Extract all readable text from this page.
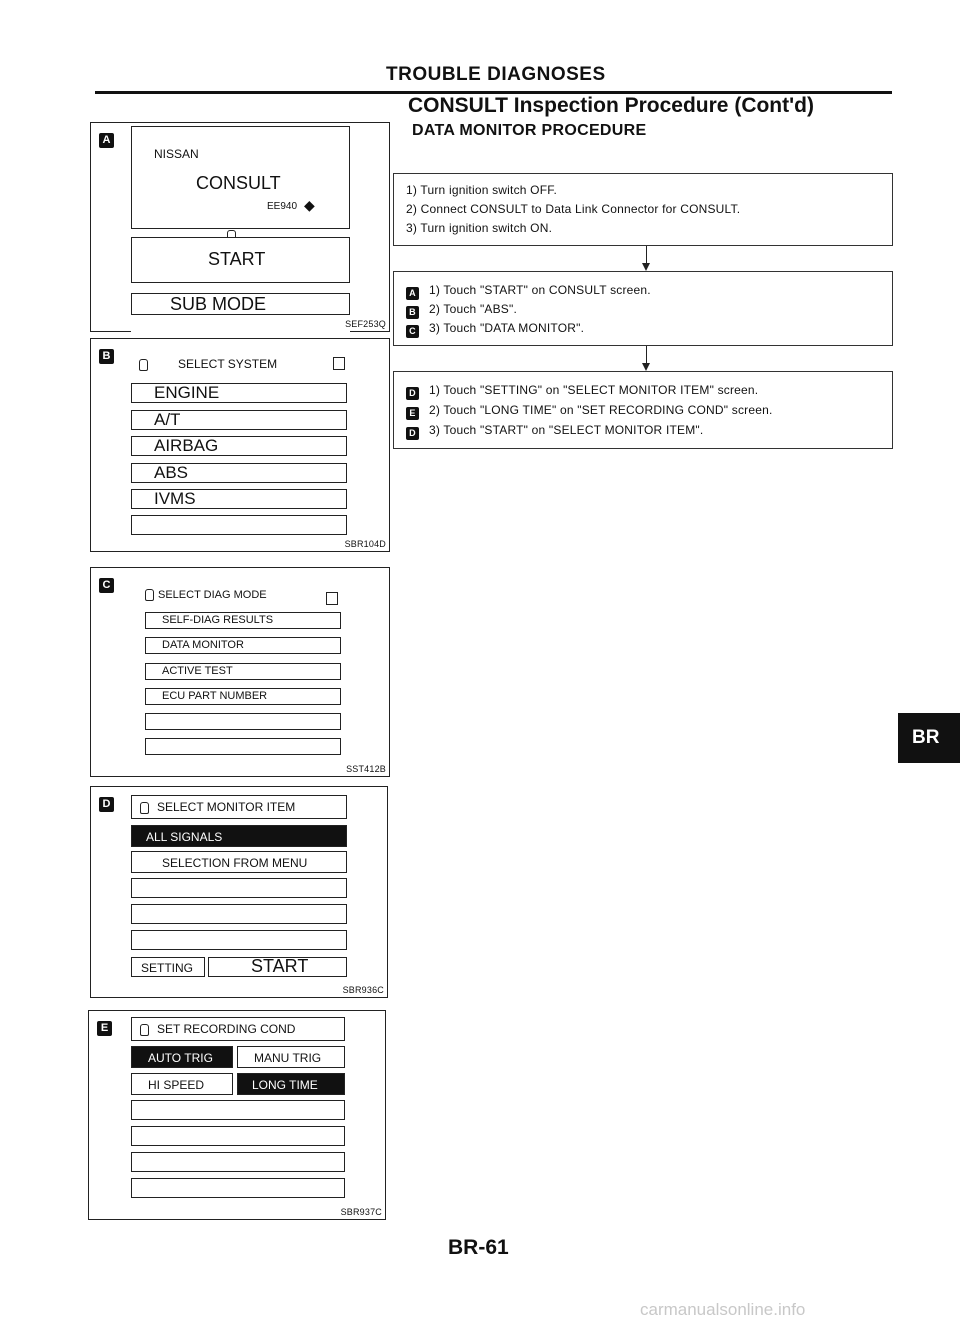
TROUBLE DIAGNOSES
CONSULT Inspection Procedure (Cont'd)
DATA MONITOR PROCEDURE
A
NISSAN
CONSULT
EE940 ◆
START
SUB MODE
SEF253Q
B
SELECT SYSTEM
ENGINE
A/T
AIRBAG
ABS
IVMS
SBR104D
C
SELECT DIAG MODE
SELF-DIAG RESULTS
DATA MONITOR
ACTIVE TEST
ECU PART NUMBER
SST412B
D	SELECT MONITOR ITEM
ALL SIGNALS
SELECTION FROM MENU
SETTING	START
SBR936C
E	SET RECORDING COND
AUTO TRIG	MANU TRIG
HI SPEED	LONG TIME
SBR937C
1) Turn ignition switch OFF.
2) Connect CONSULT to Data Link Connector for CONSULT.
3) Turn ignition switch ON.
A 1) Touch "START" on CONSULT screen.
B 2) Touch "ABS".
C 3) Touch "DATA MONITOR".
D 1) Touch "SETTING" on "SELECT MONITOR ITEM" screen.
E 2) Touch "LONG TIME" on "SET RECORDING COND" screen.
D 3) Touch "START" on "SELECT MONITOR ITEM".
BR
BR-61
carmanualsonline.info
